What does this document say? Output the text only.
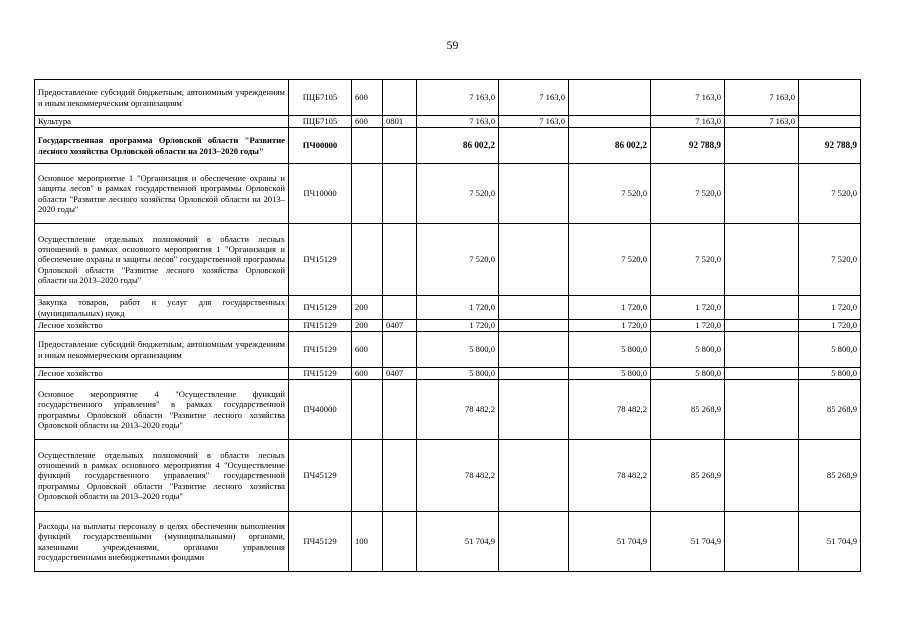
59
Предоставление субсидий бюджетным, автономным учреждениям и иным некоммерческим организациям	ПЦБ7105	600		7 163,0	7 163,0		7 163,0	7 163,0	
Культура	ПЦБ7105	600	0801	7 163,0	7 163,0		7 163,0	7 163,0	
Государственная программа Орловской области "Развитие лесного хозяйства Орловской области на 2013–2020 годы"	ПЧ00000			86 002,2		86 002,2	92 788,9		92 788,9
Основное мероприятие 1 "Организация и обеспечение охраны и защиты лесов" в рамках государственной программы Орловской области "Развитие лесного хозяйства Орловской области на 2013–2020 годы"	ПЧ10000			7 520,0		7 520,0	7 520,0		7 520,0
Осуществление отдельных полномочий в области лесных отношений в рамках основного мероприятия 1 "Организация и обеспечение охраны и защиты лесов" государственной программы Орловской области "Развитие лесного хозяйства Орловской области на 2013–2020 годы"	ПЧ15129			7 520,0		7 520,0	7 520,0		7 520,0
Закупка товаров, работ и услуг для государственных (муниципальных) нужд	ПЧ15129	200		1 720,0		1 720,0	1 720,0		1 720,0
Лесное хозяйство	ПЧ15129	200	0407	1 720,0		1 720,0	1 720,0		1 720,0
Предоставление субсидий бюджетным, автономным учреждениям и иным некоммерческим организациям	ПЧ15129	600		5 800,0		5 800,0	5 800,0		5 800,0
Лесное хозяйство	ПЧ15129	600	0407	5 800,0		5 800,0	5 800,0		5 800,0
Основное мероприятие 4 "Осуществление функций государственного управления" в рамках государственной программы Орловской области "Развитие лесного хозяйства Орловской области на 2013–2020 годы"	ПЧ40000			78 482,2		78 482,2	85 268,9		85 268,9
Осуществление отдельных полномочий в области лесных отношений в рамках основного мероприятия 4 "Осуществление функций государственного управления" государственной программы Орловской области "Развитие лесного хозяйства Орловской области на 2013–2020 годы"	ПЧ45129			78 482,2		78 482,2	85 268,9		85 268,9
Расходы на выплаты персоналу в целях обеспечения выполнения функций государственными (муниципальными) органами, казенными учреждениями, органами управления государственными внебюджетными фондами	ПЧ45129	100		51 704,9		51 704,9	51 704,9		51 704,9
